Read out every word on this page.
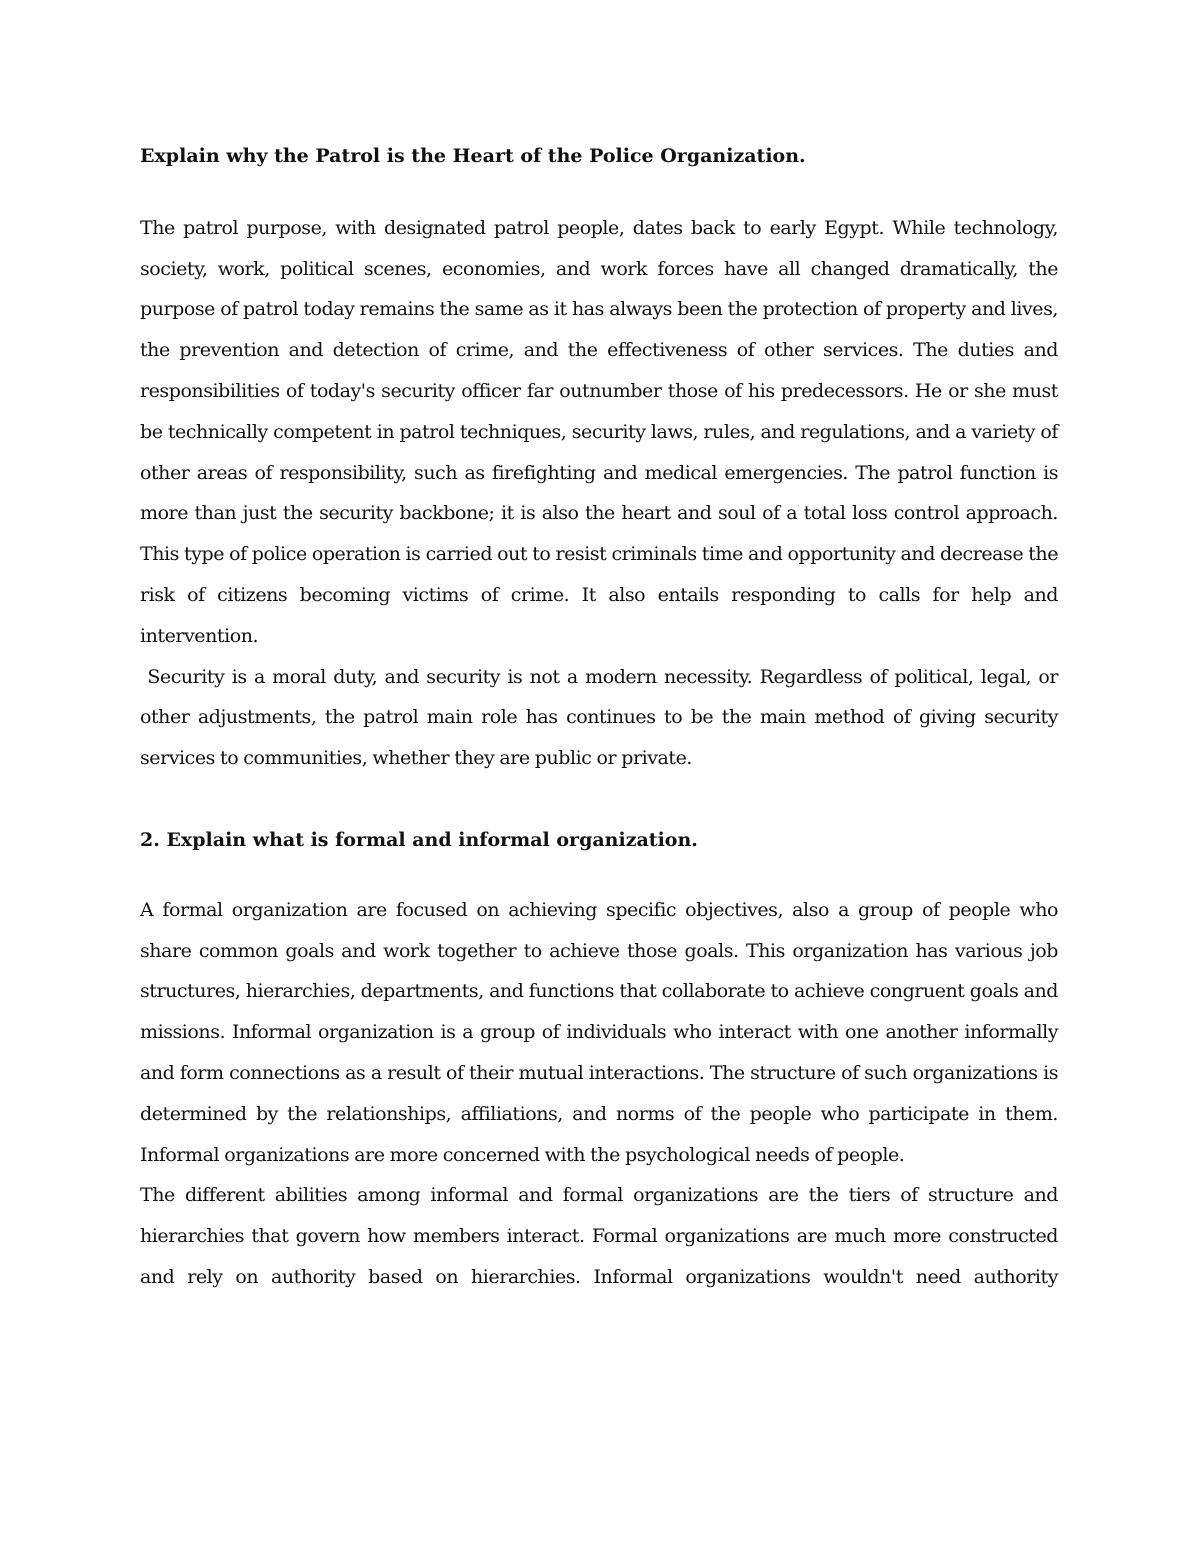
Explain why the Patrol is the Heart of the Police Organization.

The patrol purpose, with designated patrol people, dates back to early Egypt. While technology, society, work, political scenes, economies, and work forces have all changed dramatically, the purpose of patrol today remains the same as it has always been the protection of property and lives, the prevention and detection of crime, and the effectiveness of other services. The duties and responsibilities of today's security officer far outnumber those of his predecessors. He or she must be technically competent in patrol techniques, security laws, rules, and regulations, and a variety of other areas of responsibility, such as firefighting and medical emergencies. The patrol function is more than just the security backbone; it is also the heart and soul of a total loss control approach. This type of police operation is carried out to resist criminals time and opportunity and decrease the risk of citizens becoming victims of crime. It also entails responding to calls for help and intervention.

Security is a moral duty, and security is not a modern necessity. Regardless of political, legal, or other adjustments, the patrol main role has continues to be the main method of giving security services to communities, whether they are public or private.

2. Explain what is formal and informal organization.

A formal organization are focused on achieving specific objectives, also a group of people who share common goals and work together to achieve those goals. This organization has various job structures, hierarchies, departments, and functions that collaborate to achieve congruent goals and missions. Informal organization is a group of individuals who interact with one another informally and form connections as a result of their mutual interactions. The structure of such organizations is determined by the relationships, affiliations, and norms of the people who participate in them. Informal organizations are more concerned with the psychological needs of people.

The different abilities among informal and formal organizations are the tiers of structure and hierarchies that govern how members interact. Formal organizations are much more constructed and rely on authority based on hierarchies. Informal organizations wouldn't need authority
